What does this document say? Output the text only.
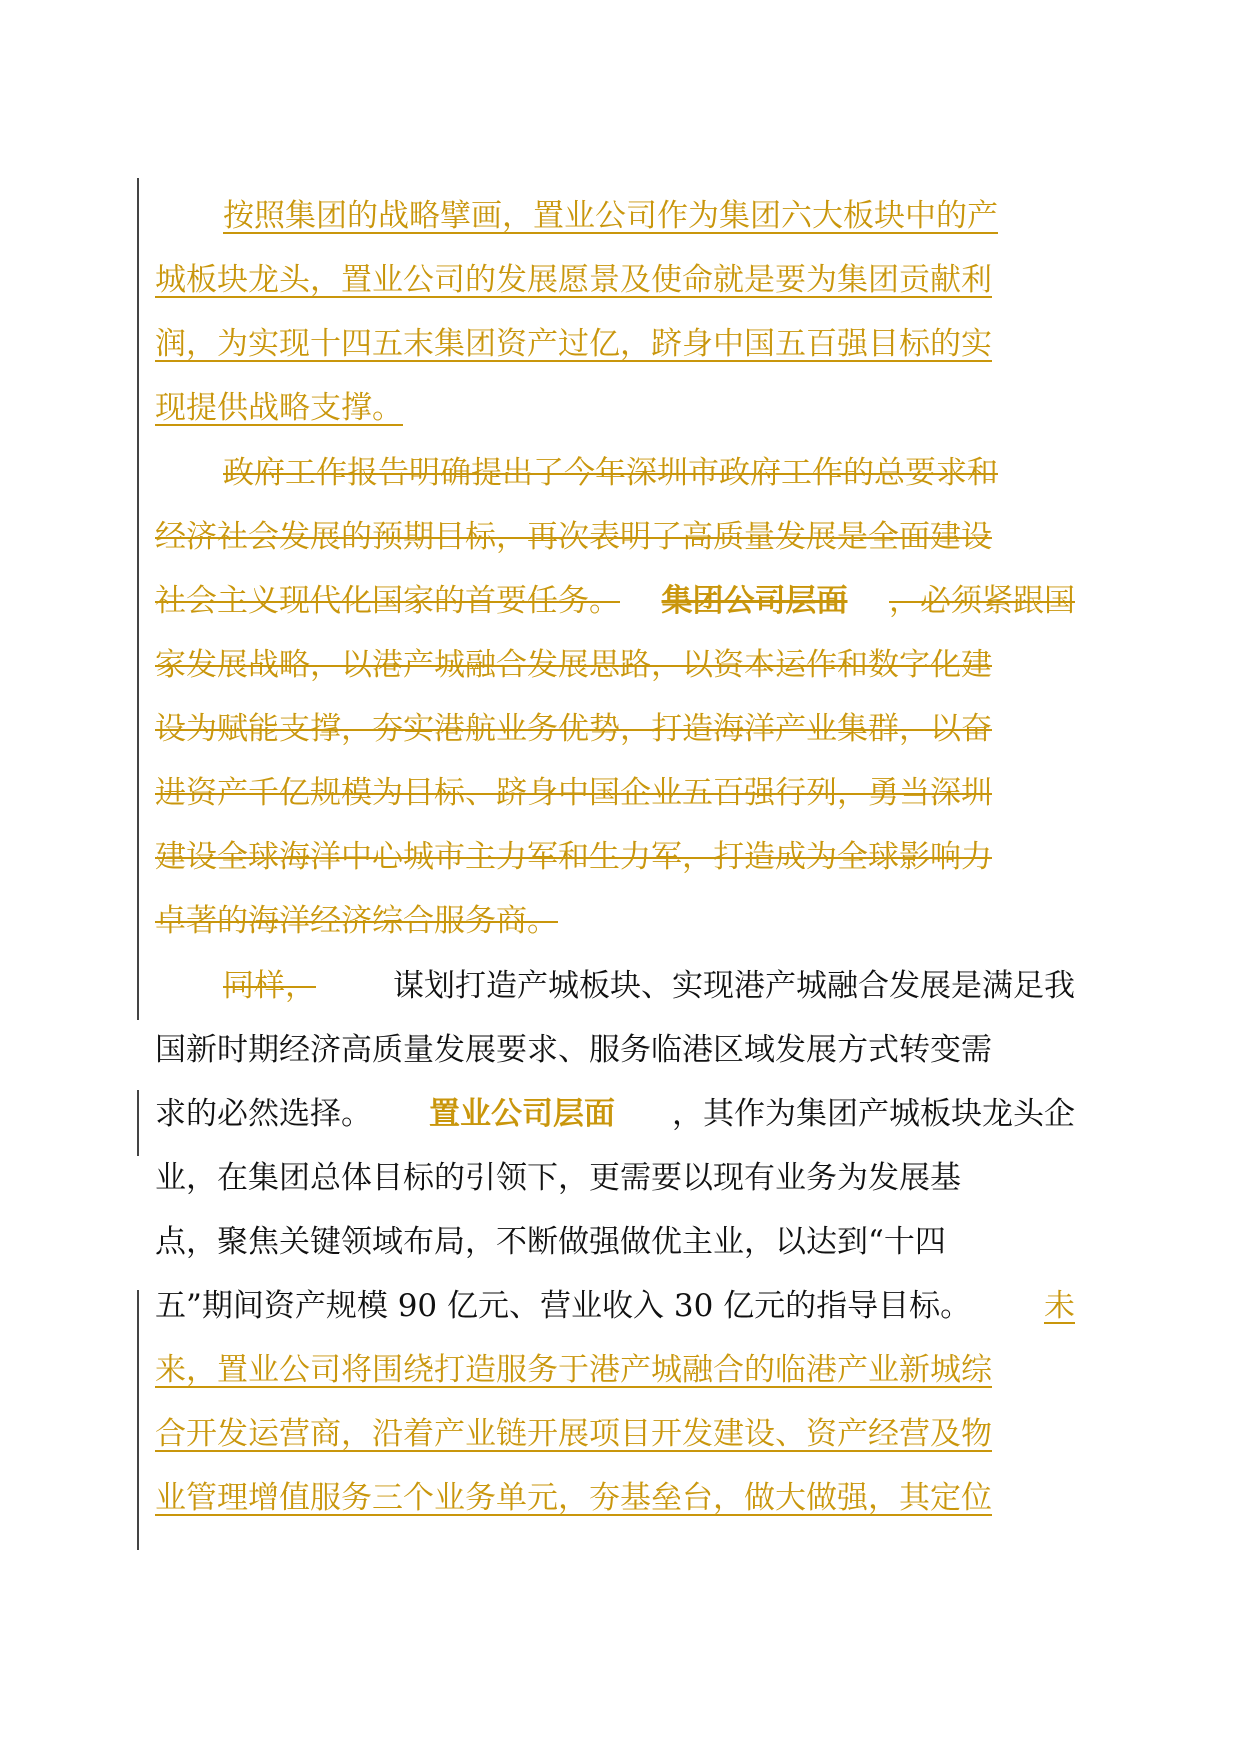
按照集团的战略擘画，置业公司作为集团六大板块中的产
城板块龙头，置业公司的发展愿景及使命就是要为集团贡献利
润，为实现十四五末集团资产过亿，跻身中国五百强目标的实
现提供战略支撑。
政府工作报告明确提出了今年深圳市政府工作的总要求和
经济社会发展的预期目标，再次表明了高质量发展是全面建设
社会主义现代化国家的首要任务。 集团公司层面 ，必须紧跟国
家发展战略，以港产城融合发展思路，以资本运作和数字化建
设为赋能支撑，夯实港航业务优势，打造海洋产业集群，以奋
进资产千亿规模为目标、跻身中国企业五百强行列，勇当深圳
建设全球海洋中心城市主力军和生力军，打造成为全球影响力
卓著的海洋经济综合服务商。
同样， 谋划打造产城板块、实现港产城融合发展是满足我
国新时期经济高质量发展要求、服务临港区域发展方式转变需
求的必然选择。 置业公司层面 ，其作为集团产城板块龙头企
业，在集团总体目标的引领下，更需要以现有业务为发展基
点，聚焦关键领域布局，不断做强做优主业，以达到“十四
五”期间资产规模 90 亿元、营业收入 30 亿元的指导目标。 未
来，置业公司将围绕打造服务于港产城融合的临港产业新城综
合开发运营商，沿着产业链开展项目开发建设、资产经营及物
业管理增值服务三个业务单元，夯基垒台，做大做强，其定位
